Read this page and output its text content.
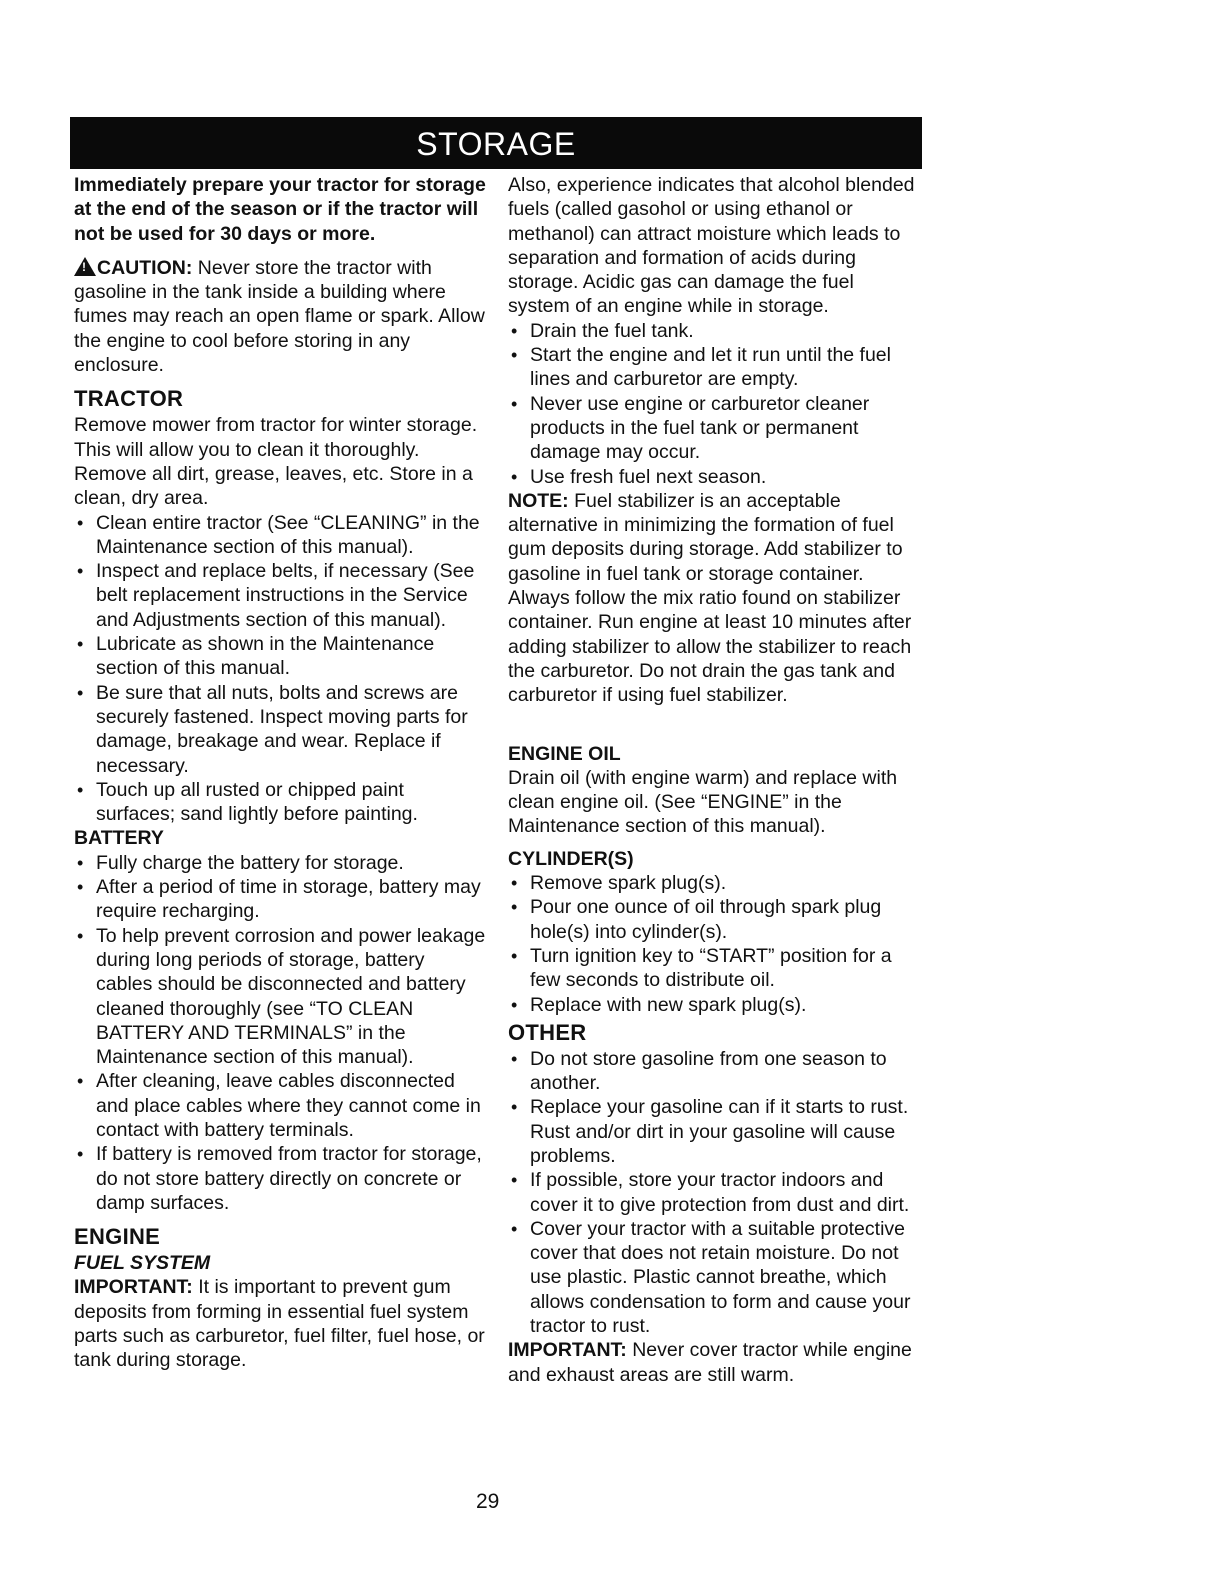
STORAGE

Immediately prepare your tractor for storage at the end of the season or if the tractor will not be used for 30 days or more.

!CAUTION: Never store the tractor with gasoline in the tank inside a building where fumes may reach an open flame or spark. Allow the engine to cool before storing in any enclosure.

TRACTOR

Remove mower from tractor for winter storage. This will allow you to clean it thoroughly. Remove all dirt, grease, leaves, etc. Store in a clean, dry area.

• Clean entire tractor (See “CLEANING” in the Maintenance section of this manual).
• Inspect and replace belts, if necessary (See belt replacement instructions in the Service and Adjustments section of this manual).
• Lubricate as shown in the Maintenance section of this manual.
• Be sure that all nuts, bolts and screws are securely fastened. Inspect moving parts for damage, breakage and wear. Replace if necessary.
• Touch up all rusted or chipped paint surfaces; sand lightly before painting.
BATTERY
• Fully charge the battery for storage.
• After a period of time in storage, battery may require recharging.
• To help prevent corrosion and power leakage during long periods of storage, battery cables should be disconnected and battery cleaned thoroughly (see “TO CLEAN BATTERY AND TERMINALS” in the Maintenance section of this manual).
• After cleaning, leave cables disconnected and place cables where they cannot come in contact with battery terminals.
• If battery is removed from tractor for storage, do not store battery directly on concrete or damp surfaces.
ENGINE
FUEL SYSTEM

IMPORTANT: It is important to prevent gum deposits from forming in essential fuel system parts such as carburetor, fuel filter, fuel hose, or tank during storage.

Also, experience indicates that alcohol blended fuels (called gasohol or using ethanol or methanol) can attract moisture which leads to separation and formation of acids during storage. Acidic gas can damage the fuel system of an engine while in storage.

• Drain the fuel tank.
• Start the engine and let it run until the fuel lines and carburetor are empty.
• Never use engine or carburetor cleaner products in the fuel tank or permanent damage may occur.
• Use fresh fuel next season.

NOTE: Fuel stabilizer is an acceptable alternative in minimizing the formation of fuel gum deposits during storage. Add stabilizer to gasoline in fuel tank or storage container. Always follow the mix ratio found on stabilizer container. Run engine at least 10 minutes after adding stabilizer to allow the stabilizer to reach the carburetor. Do not drain the gas tank and carburetor if using fuel stabilizer.

ENGINE OIL

Drain oil (with engine warm) and replace with clean engine oil. (See “ENGINE” in the Maintenance section of this manual).

CYLINDER(S)
• Remove spark plug(s).
• Pour one ounce of oil through spark plug hole(s) into cylinder(s).
• Turn ignition key to “START” position for a few seconds to distribute oil.
• Replace with new spark plug(s).
OTHER
• Do not store gasoline from one season to another.
• Replace your gasoline can if it starts to rust. Rust and/or dirt in your gasoline will cause problems.
• If possible, store your tractor indoors and cover it to give protection from dust and dirt.
• Cover your tractor with a suitable protective cover that does not retain moisture. Do not use plastic. Plastic cannot breathe, which allows condensation to form and cause your tractor to rust.

IMPORTANT: Never cover tractor while engine and exhaust areas are still warm.

29
